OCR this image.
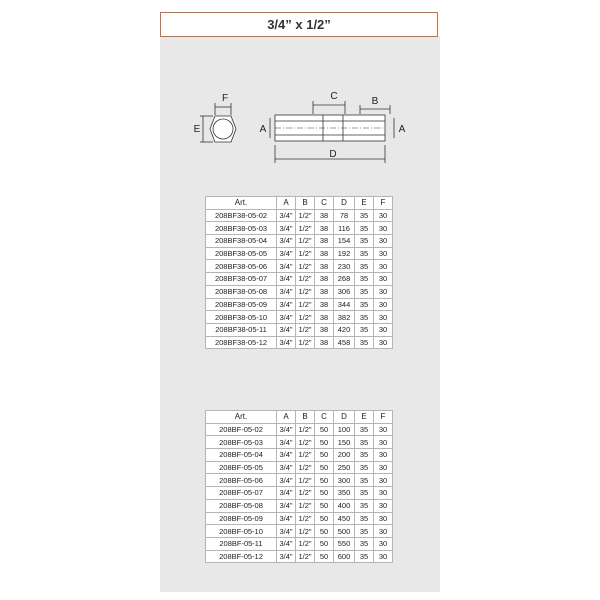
3/4” x 1/2”
F
E	A	A
C	B
D
Art.	A	B	C	D	E	F
208BF38-05-02	3/4"	1/2"	38	78	35	30
208BF38-05-03	3/4"	1/2"	38	116	35	30
208BF38-05-04	3/4"	1/2"	38	154	35	30
208BF38-05-05	3/4"	1/2"	38	192	35	30
208BF38-05-06	3/4"	1/2"	38	230	35	30
208BF38-05-07	3/4"	1/2"	38	268	35	30
208BF38-05-08	3/4"	1/2"	38	306	35	30
208BF38-05-09	3/4"	1/2"	38	344	35	30
208BF38-05-10	3/4"	1/2"	38	382	35	30
208BF38-05-11	3/4"	1/2"	38	420	35	30
208BF38-05-12	3/4"	1/2"	38	458	35	30
Art.	A	B	C	D	E	F
208BF-05-02	3/4"	1/2"	50	100	35	30
208BF-05-03	3/4"	1/2"	50	150	35	30
208BF-05-04	3/4"	1/2"	50	200	35	30
208BF-05-05	3/4"	1/2"	50	250	35	30
208BF-05-06	3/4"	1/2"	50	300	35	30
208BF-05-07	3/4"	1/2"	50	350	35	30
208BF-05-08	3/4"	1/2"	50	400	35	30
208BF-05-09	3/4"	1/2"	50	450	35	30
208BF-05-10	3/4"	1/2"	50	500	35	30
208BF-05-11	3/4"	1/2"	50	550	35	30
208BF-05-12	3/4"	1/2"	50	600	35	30
